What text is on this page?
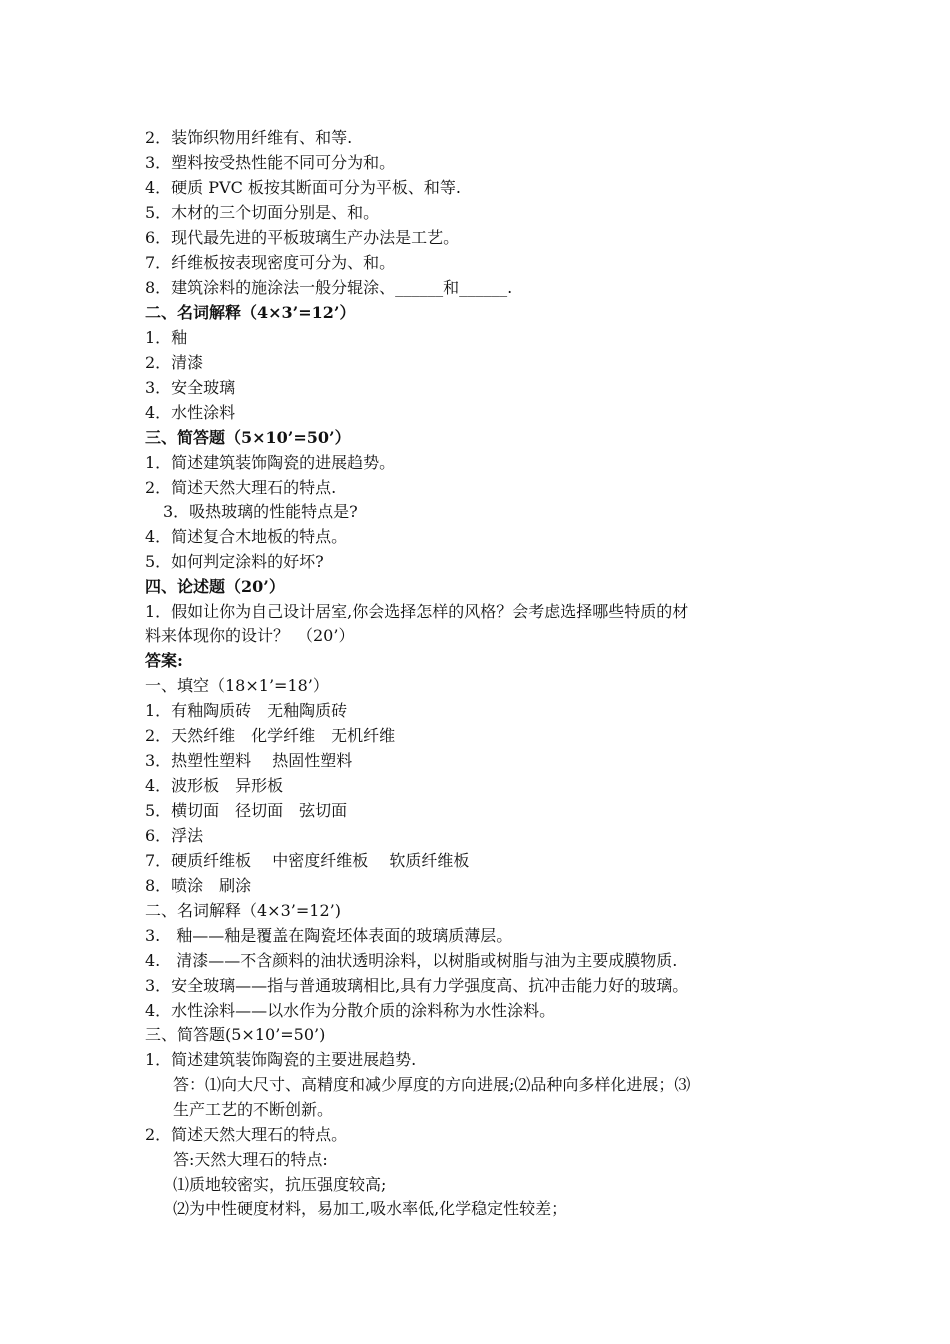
2．装饰织物用纤维有、和等.
3．塑料按受热性能不同可分为和。
4．硬质 PVC 板按其断面可分为平板、和等.
5．木材的三个切面分别是、和。
6．现代最先进的平板玻璃生产办法是工艺。
7．纤维板按表现密度可分为、和。
8．建筑涂料的施涂法一般分辊涂、______和______.
二、名词解释（4×3’=12’）
1．釉
2．清漆
3．安全玻璃
4．水性涂料
三、简答题（5×10’=50’）
1．简述建筑装饰陶瓷的进展趋势。
2．简述天然大理石的特点.
3．吸热玻璃的性能特点是?
4．简述复合木地板的特点。
5．如何判定涂料的好坏?
四、论述题（20’）
1．假如让你为自己设计居室,你会选择怎样的风格？会考虑选择哪些特质的材
料来体现你的设计？　（20’）
答案:
一、填空（18×1’=18’）
1．有釉陶质砖　无釉陶质砖
2．天然纤维　化学纤维　无机纤维
3．热塑性塑料　 热固性塑料
4．波形板　异形板
5．横切面　径切面　弦切面
6．浮法
7．硬质纤维板　 中密度纤维板　 软质纤维板
8．喷涂　刷涂
二、名词解释（4×3’=12’)
3.　釉——釉是覆盖在陶瓷坯体表面的玻璃质薄层。
4.　清漆——不含颜料的油状透明涂料，以树脂或树脂与油为主要成膜物质.
3．安全玻璃——指与普通玻璃相比,具有力学强度高、抗冲击能力好的玻璃。
4．水性涂料——以水作为分散介质的涂料称为水性涂料。
三、简答题(5×10’=50’)
1．简述建筑装饰陶瓷的主要进展趋势.
答：⑴向大尺寸、高精度和减少厚度的方向进展;⑵品种向多样化进展；⑶
生产工艺的不断创新。
2．简述天然大理石的特点。
答:天然大理石的特点:
⑴质地较密实，抗压强度较高;
⑵为中性硬度材料，易加工,吸水率低,化学稳定性较差；
